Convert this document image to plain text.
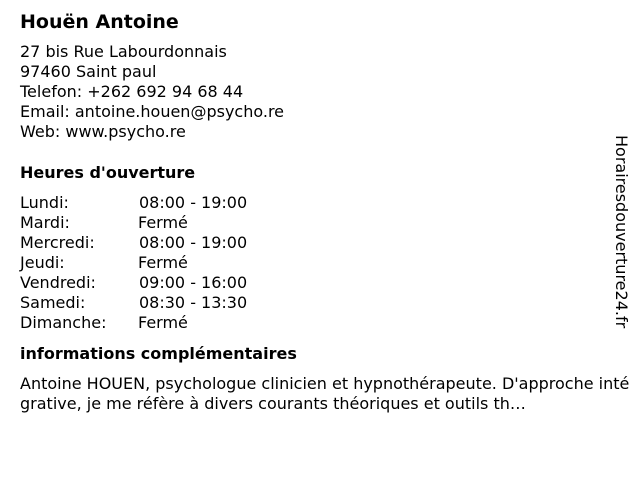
Houën Antoine
27 bis Rue Labourdonnais
97460 Saint paul
Telefon: +262 692 94 68 44
Email: antoine.houen@psycho.re
Web: www.psycho.re
Heures d'ouverture
Lundi:	08:00 - 19:00
Mardi:	Fermé
Mercredi:	08:00 - 19:00
Jeudi:	Fermé
Vendredi:	09:00 - 16:00
Samedi:	08:30 - 13:30
Dimanche:	Fermé
informations complémentaires
Antoine HOUEN, psychologue clinicien et hypnothérapeute. D'approche intégrative, je me réfère à divers courants théoriques et outils th…
Horairesdouverture24.fr
